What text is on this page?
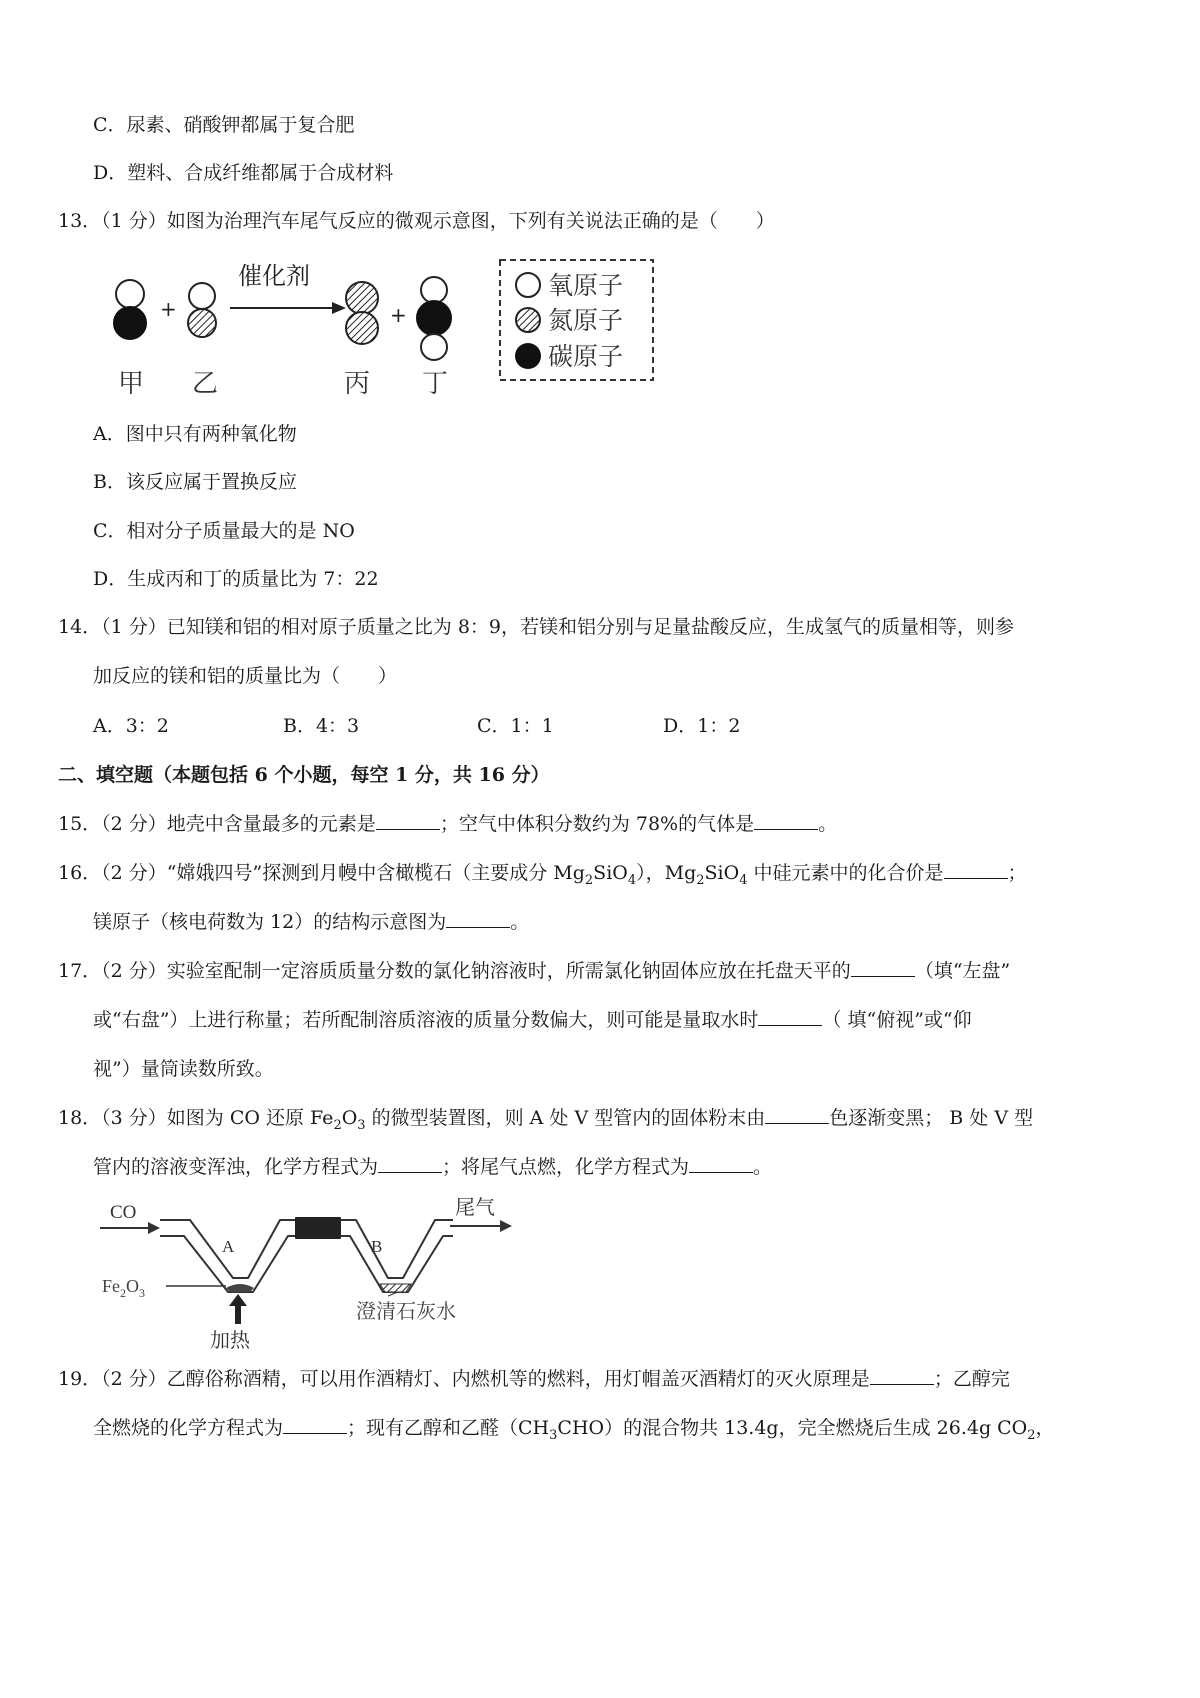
C．尿素、硝酸钾都属于复合肥
D．塑料、合成纤维都属于合成材料
13．（1 分）如图为治理汽车尾气反应的微观示意图，下列有关说法正确的是（　　）
+
催化剂
+
甲 乙	丙 丁
氧原子
氮原子
碳原子
A．图中只有两种氧化物
B．该反应属于置换反应
C．相对分子质量最大的是 NO
D．生成丙和丁的质量比为 7：22
14．（1 分）已知镁和铝的相对原子质量之比为 8：9，若镁和铝分别与足量盐酸反应，生成氢气的质量相等，则参
加反应的镁和铝的质量比为（　　）
A．3：2	B．4：3	C．1：1	D．1：2
二、填空题（本题包括 6 个小题，每空 1 分，共 16 分）
15．（2 分）地壳中含量最多的元素是	；空气中体积分数约为 78%的气体是	。
16．（2 分）“嫦娥四号”探测到月幔中含橄榄石（主要成分 $Mg_2SiO_4$），$Mg_2SiO_4$ 中硅元素中的化合价是	；
镁原子（核电荷数为 12）的结构示意图为	。
17．（2 分）实验室配制一定溶质质量分数的氯化钠溶液时，所需氯化钠固体应放在托盘天平的	（填“左盘”
或“右盘”）上进行称量；若所配制溶质溶液的质量分数偏大，则可能是量取水时	（ 填“俯视”或“仰
视”）量筒读数所致。
18．（3 分）如图为 CO 还原 $Fe_2O_3$ 的微型装置图，则 A 处 V 型管内的固体粉末由	色逐渐变黑； B 处 V 型
管内的溶液变浑浊，化学方程式为	；将尾气点燃，化学方程式为	。
CO	尾气
A	B
$Fe_2O_3$
加热
澄清石灰水
19．（2 分）乙醇俗称酒精，可以用作酒精灯、内燃机等的燃料，用灯帽盖灭酒精灯的灭火原理是	；乙醇完
全燃烧的化学方程式为	；现有乙醇和乙醛$(CH_3CHO)$的混合物共 13.4g，完全燃烧后生成 26.4g $CO_2$，
